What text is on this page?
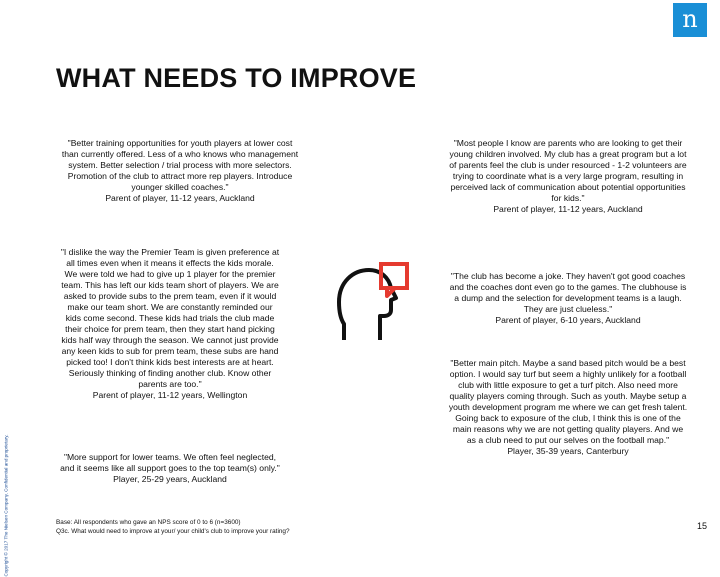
n
WHAT NEEDS TO IMPROVE
Copyright © 2017 The Nielsen Company. Confidential and proprietary.

"Better training opportunities for youth players at lower cost than currently offered. Less of a who knows who management system. Better selection / trial process with more selectors. Promotion of the club to attract more rep players. Introduce younger skilled coaches."

Parent of player, 11-12 years, Auckland

"I dislike the way the Premier Team is given preference at all times even when it means it effects the kids morale. We were told we had to give up 1 player for the premier team. This has left our kids team short of players. We are asked to provide subs to the prem team, even if it would make our team short. We are constantly reminded our kids come second. These kids had trials the club made their choice for prem team, then they start hand picking kids half way through the season. We cannot just provide any keen kids to sub for prem team, these subs are hand picked too! I don't think kids best interests are at heart. Seriously thinking of finding another club. Know other parents are too."

Parent of player, 11-12 years, Wellington

"More support for lower teams. We often feel neglected, and it seems like all support goes to the top team(s) only."

Player, 25-29 years, Auckland

"Most people I know are parents who are looking to get their young children involved. My club has a great program but a lot of parents feel the club is under resourced - 1-2 volunteers are trying to coordinate what is a very large program, resulting in perceived lack of communication about potential opportunities for kids."

Parent of player, 11-12 years, Auckland

"The club has become a joke. They haven't got good coaches and the coaches dont even go to the games. The clubhouse is a dump and the selection for development teams is a laugh. They are just clueless."

Parent of player, 6-10 years, Auckland

"Better main pitch. Maybe a sand based pitch would be a best option. I would say turf but seem a highly unlikely for a football club with little exposure to get a turf pitch. Also need more quality players coming through. Such as youth. Maybe setup a youth development program me where we can get fresh talent. Going back to exposure of the club, I think this is one of the main reasons why we are not getting quality players. And we as a club need to put our selves on the football map."

Player, 35-39 years, Canterbury

Base: All respondents who gave an NPS score of 0 to 6 (n=3600)
Q3c. What would need to improve at your/ your child's club to improve your rating?
15
